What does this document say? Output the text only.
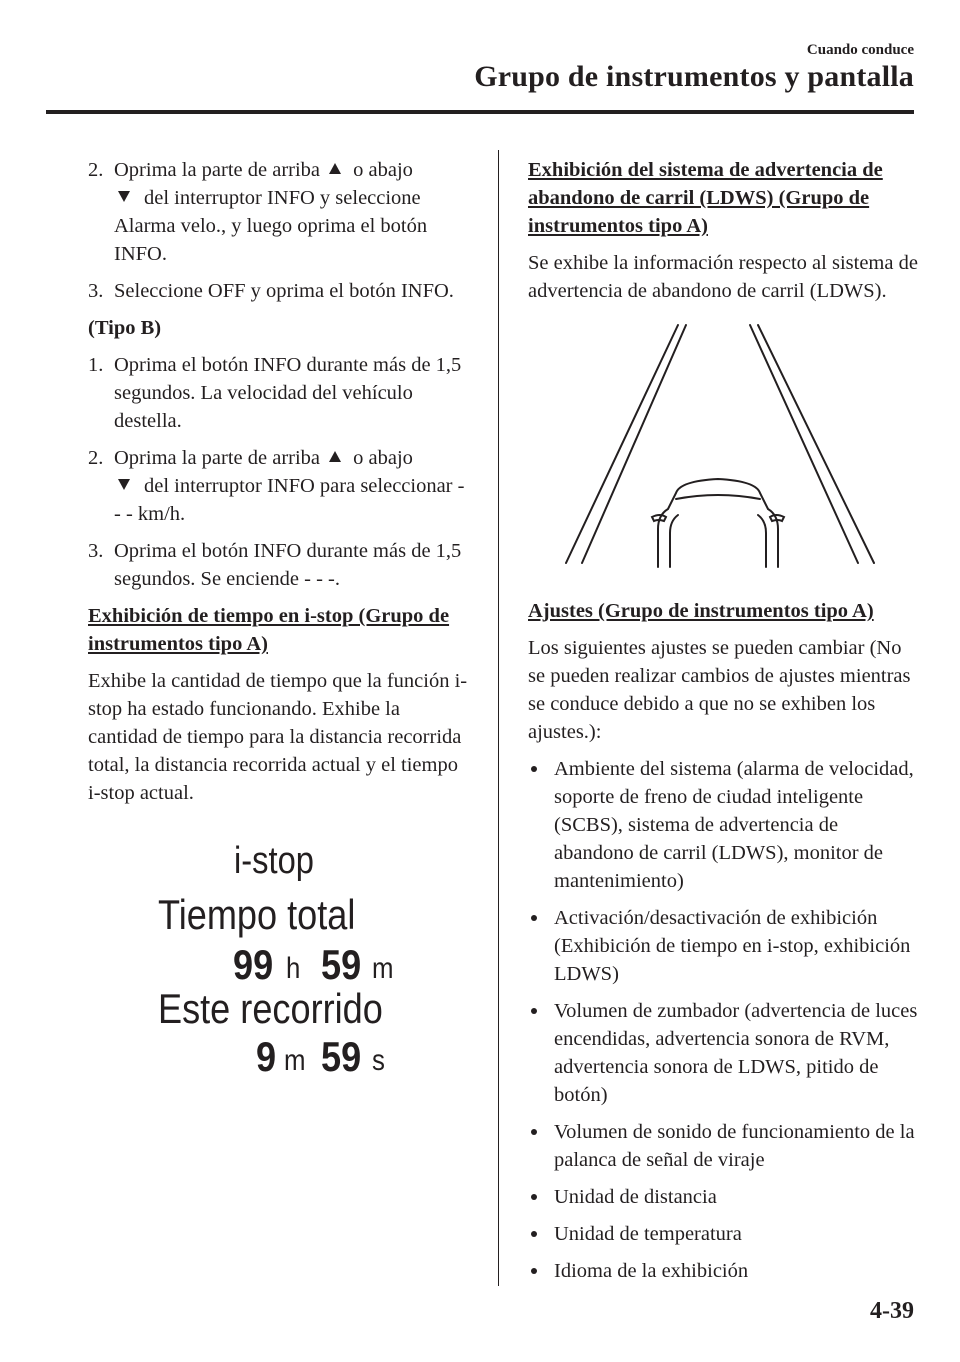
Cuando conduce
Grupo de instrumentos y pantalla
2. Oprima la parte de arriba o abajo
del interruptor INFO y seleccione Alarma velo., y luego oprima el botón INFO.
3. Seleccione OFF y oprima el botón INFO.
(Tipo B)
1. Oprima el botón INFO durante más de 1,5 segundos. La velocidad del vehículo destella.
2. Oprima la parte de arriba o abajo
del interruptor INFO para seleccionar - - - km/h.
3. Oprima el botón INFO durante más de 1,5 segundos. Se enciende - - -.
Exhibición de tiempo en i-stop (Grupo de instrumentos tipo A)
Exhibe la cantidad de tiempo que la función i-stop ha estado funcionando. Exhibe la cantidad de tiempo para la distancia recorrida total, la distancia recorrida actual y el tiempo i-stop actual.
i-stop
Tiempo total
99 h 59 m
Este recorrido
9 m 59 s
Exhibición del sistema de advertencia de abandono de carril (LDWS) (Grupo de instrumentos tipo A)
Se exhibe la información respecto al sistema de advertencia de abandono de carril (LDWS).
Ajustes (Grupo de instrumentos tipo A)
Los siguientes ajustes se pueden cambiar (No se pueden realizar cambios de ajustes mientras se conduce debido a que no se exhiben los ajustes.):
Ambiente del sistema (alarma de velocidad, soporte de freno de ciudad inteligente (SCBS), sistema de advertencia de abandono de carril (LDWS), monitor de mantenimiento)
Activación/desactivación de exhibición (Exhibición de tiempo en i-stop, exhibición LDWS)
Volumen de zumbador (advertencia de luces encendidas, advertencia sonora de RVM, advertencia sonora de LDWS, pitido de botón)
Volumen de sonido de funcionamiento de la palanca de señal de viraje
Unidad de distancia
Unidad de temperatura
Idioma de la exhibición
4-39
